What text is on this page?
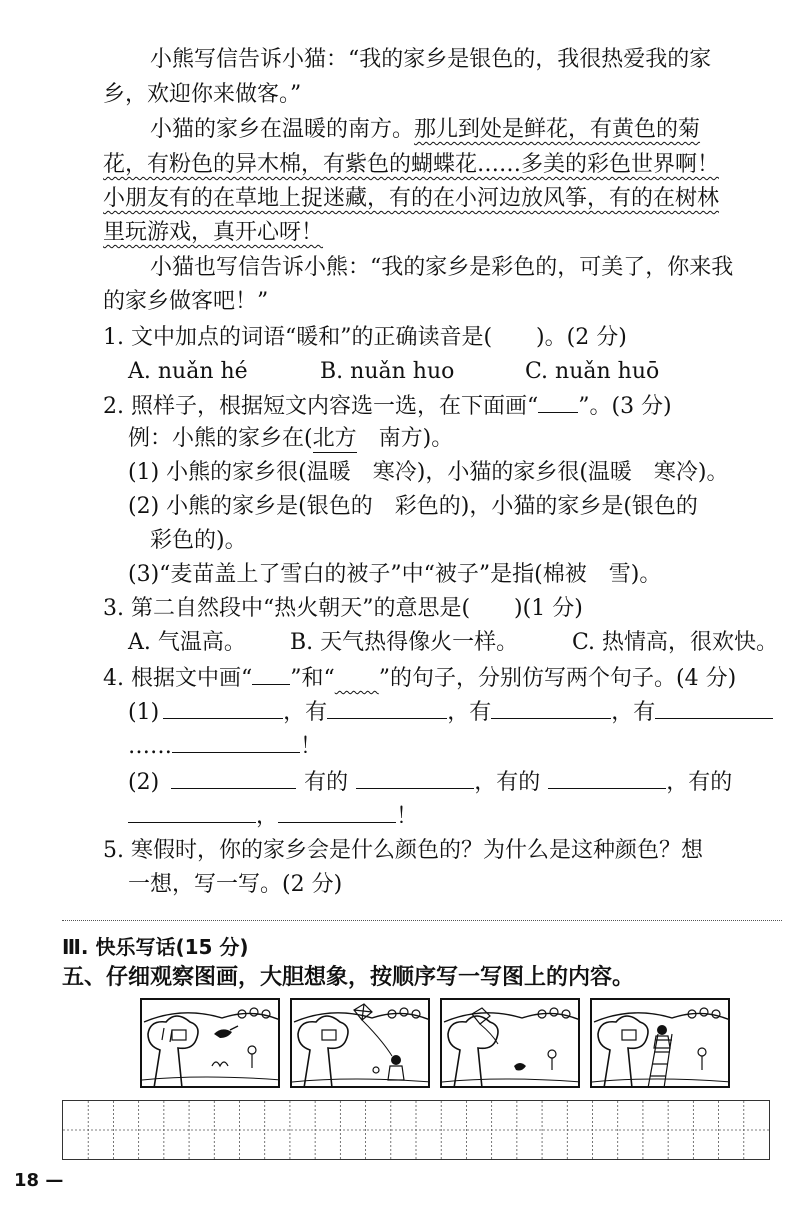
小熊写信告诉小猫：“我的家乡是银色的，我很热爱我的家
乡，欢迎你来做客。”
小猫的家乡在温暖的南方。那儿到处是鲜花，有黄色的菊
花，有粉色的异木棉，有紫色的蝴蝶花……多美的彩色世界啊！
小朋友有的在草地上捉迷藏，有的在小河边放风筝，有的在树林
里玩游戏，真开心呀！
小猫也写信告诉小熊：“我的家乡是彩色的，可美了，你来我
的家乡做客吧！”
1. 文中加点的词语“暖和”的正确读音是(　　)。(2 分)
A. nuǎn hé	B. nuǎn huo	C. nuǎn huō
2. 照样子，根据短文内容选一选，在下面画“ ”。(3 分)
例：小熊的家乡在(北方　南方)。
(1) 小熊的家乡很(温暖　寒冷)，小猫的家乡很(温暖　寒冷)。
(2) 小熊的家乡是(银色的　彩色的)，小猫的家乡是(银色的
彩色的)。
(3)“麦苗盖上了雪白的被子”中“被子”是指(棉被　雪)。
3. 第二自然段中“热火朝天”的意思是(　　)(1 分)
A. 气温高。	B. 天气热得像火一样。	C. 热情高，很欢快。
4. 根据文中画“ ”和“　　 ”的句子，分别仿写两个句子。(4 分)
(1)	，有	，有	，有
……	！
(2)	有的	，有的	，有的
，	！
5. 寒假时，你的家乡会是什么颜色的？为什么是这种颜色？想
一想，写一写。(2 分)
Ⅲ. 快乐写话(15 分)
五、仔细观察图画，大胆想象，按顺序写一写图上的内容。
18 —
